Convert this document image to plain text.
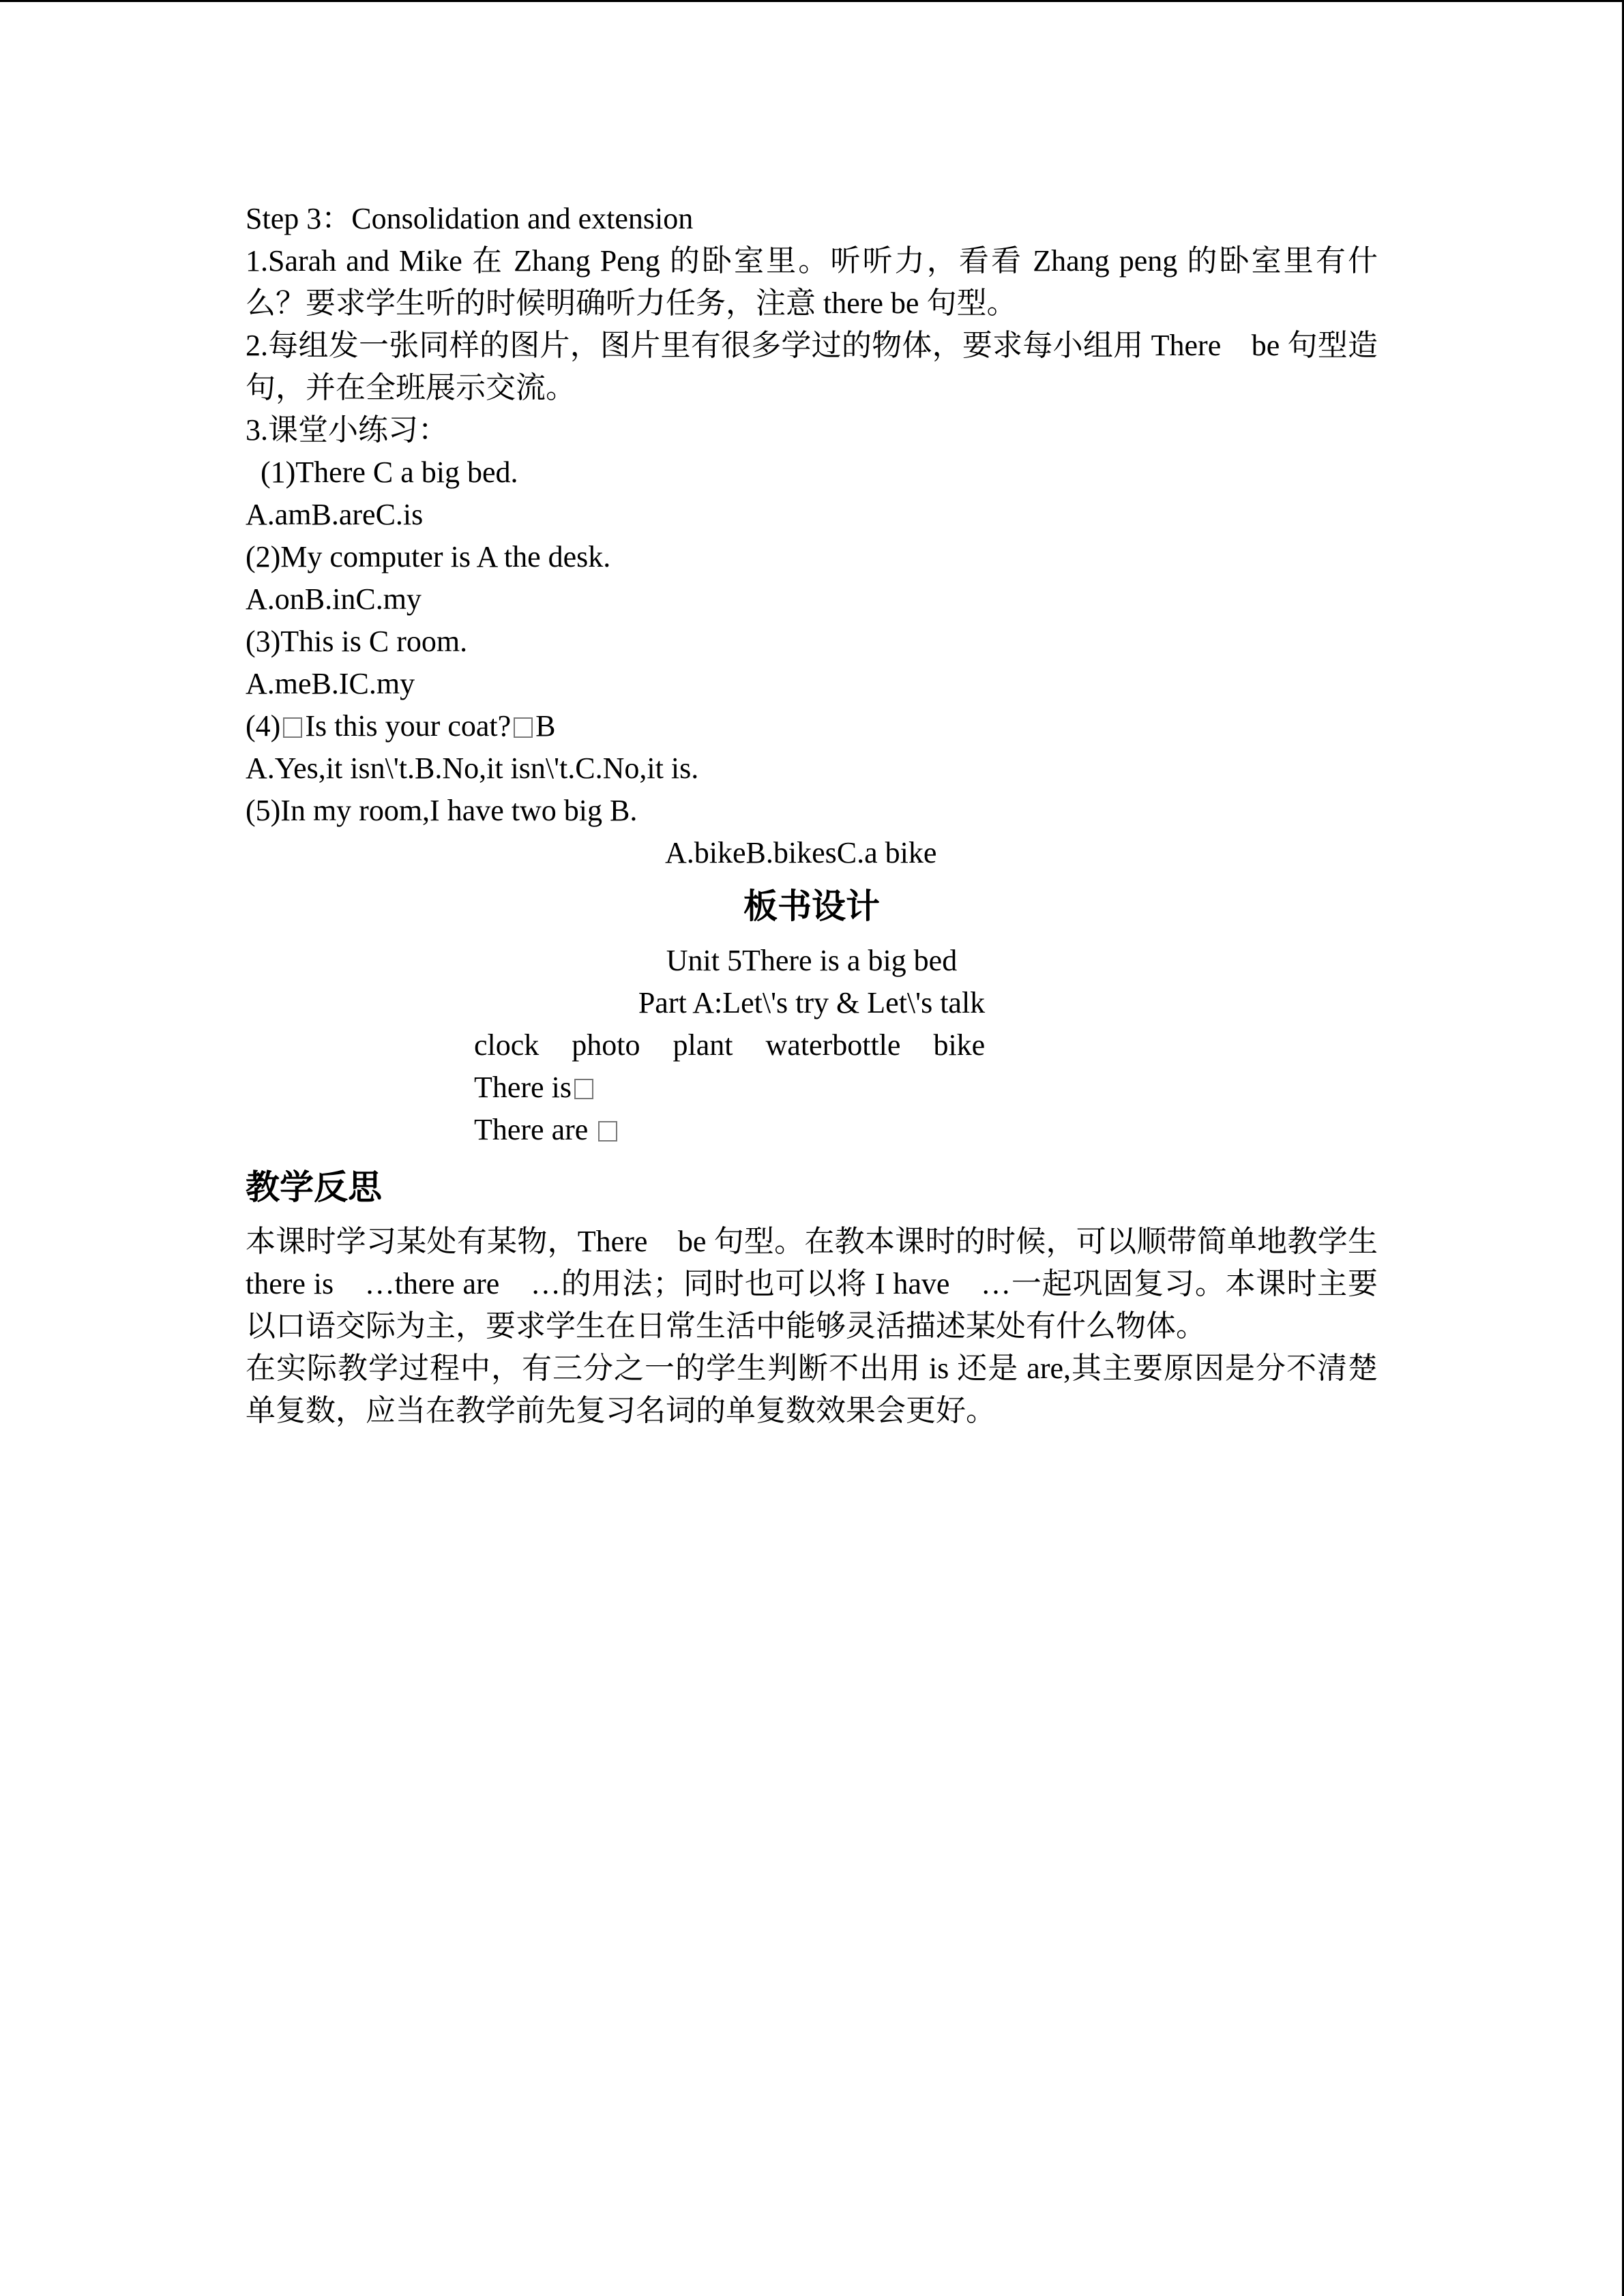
Step 3：Consolidation and extension
1.Sarah and Mike 在 Zhang Peng 的卧室里。听听力，看看 Zhang peng 的卧室里有什么？要求学生听的时候明确听力任务，注意 there be 句型。
2.每组发一张同样的图片，图片里有很多学过的物体，要求每小组用 There　be 句型造句，并在全班展示交流。
3.课堂小练习：
(1)There C a big bed.
A.amB.areC.is
(2)My computer is A the desk.
A.onB.inC.my
(3)This is C room.
A.meB.IC.my
(4) Is this your coat? B
A.Yes,it isn\'t.B.No,it isn\'t.C.No,it is.
(5)In my room,I have two big B.
A.bikeB.bikesC.a bike
板书设计
Unit 5There is a big bed
Part A:Let\'s try & Let\'s talk
clock photo plant waterbottle bike
There is
There are
教学反思
本课时学习某处有某物，There　be 句型。在教本课时的时候，可以顺带简单地教学生 there is　…there are　…的用法；同时也可以将 I have　…一起巩固复习。本课时主要以口语交际为主，要求学生在日常生活中能够灵活描述某处有什么物体。
在实际教学过程中，有三分之一的学生判断不出用 is 还是 are,其主要原因是分不清楚单复数，应当在教学前先复习名词的单复数效果会更好。
